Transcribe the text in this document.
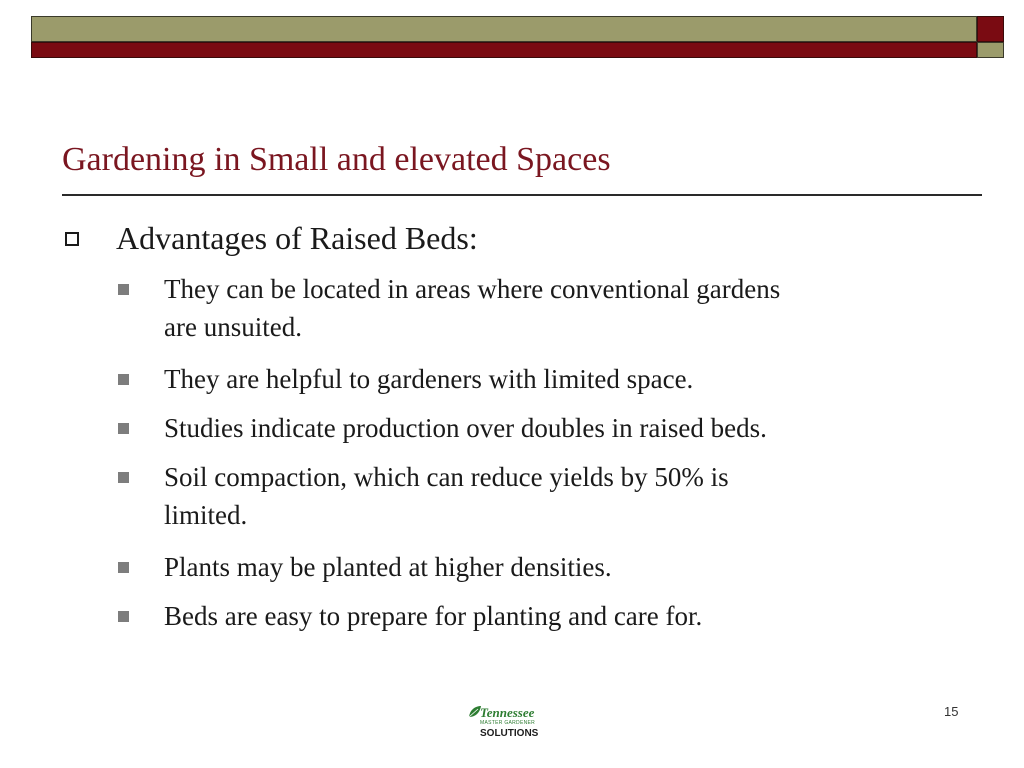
Gardening in Small and elevated Spaces
Advantages of Raised Beds:
They can be located in areas where conventional gardens
are unsuited.
They are helpful to gardeners with limited space.
Studies indicate production over doubles in raised beds.
Soil compaction, which can reduce yields by 50% is
limited.
Plants may be planted at higher densities.
Beds are easy to prepare for planting and care for.
Tennessee
MASTER GARDENER
SOLUTIONS
15
